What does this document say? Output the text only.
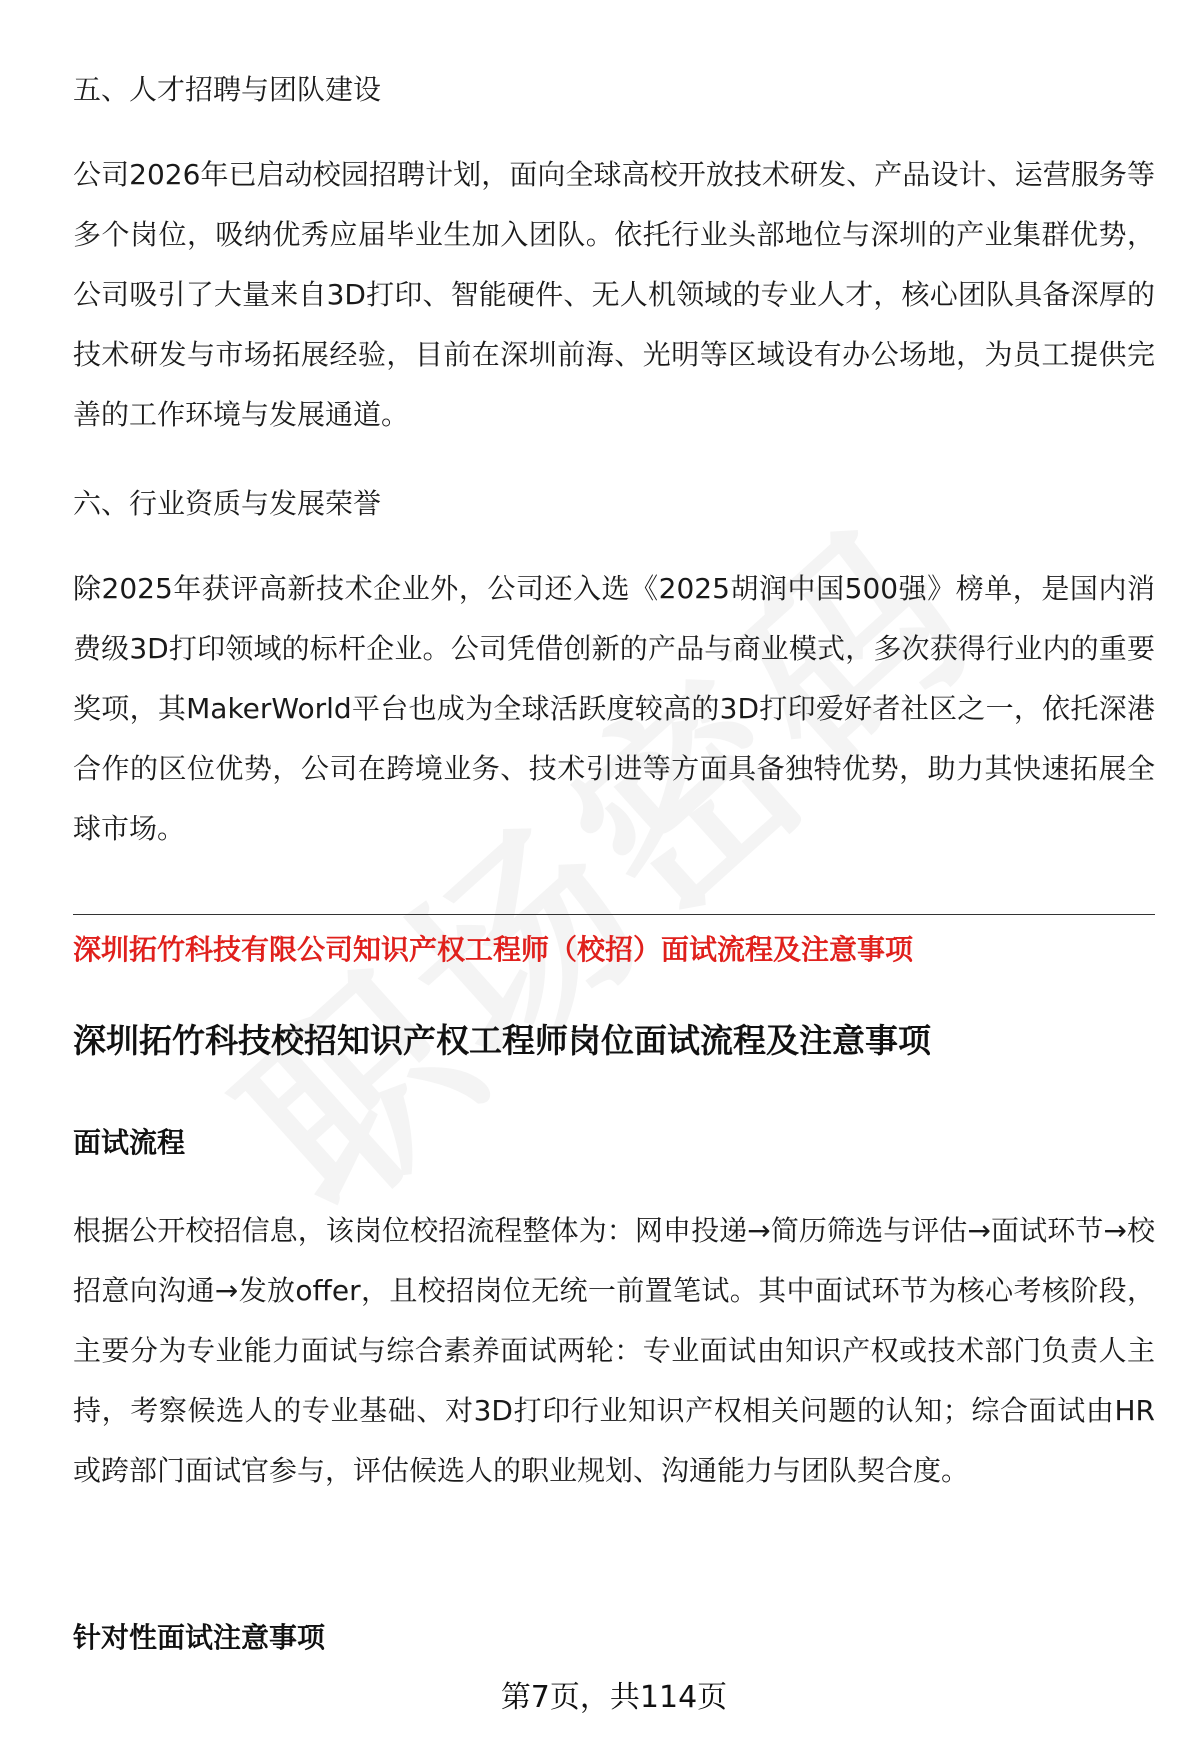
五、人才招聘与团队建设

公司2026年已启动校园招聘计划，面向全球高校开放技术研发、产品设计、运营服务等多个岗位，吸纳优秀应届毕业生加入团队。依托行业头部地位与深圳的产业集群优势，公司吸引了大量来自3D打印、智能硬件、无人机领域的专业人才，核心团队具备深厚的技术研发与市场拓展经验，目前在深圳前海、光明等区域设有办公场地，为员工提供完善的工作环境与发展通道。

六、行业资质与发展荣誉

除2025年获评高新技术企业外，公司还入选《2025胡润中国500强》榜单，是国内消费级3D打印领域的标杆企业。公司凭借创新的产品与商业模式，多次获得行业内的重要奖项，其MakerWorld平台也成为全球活跃度较高的3D打印爱好者社区之一，依托深港合作的区位优势，公司在跨境业务、技术引进等方面具备独特优势，助力其快速拓展全球市场。

深圳拓竹科技有限公司知识产权工程师（校招）面试流程及注意事项
深圳拓竹科技校招知识产权工程师岗位面试流程及注意事项
面试流程

根据公开校招信息，该岗位校招流程整体为：网申投递→简历筛选与评估→面试环节→校招意向沟通→发放offer，且校招岗位无统一前置笔试。其中面试环节为核心考核阶段，主要分为专业能力面试与综合素养面试两轮：专业面试由知识产权或技术部门负责人主持，考察候选人的专业基础、对3D打印行业知识产权相关问题的认知；综合面试由HR或跨部门面试官参与，评估候选人的职业规划、沟通能力与团队契合度。

针对性面试注意事项
第7页，共114页
